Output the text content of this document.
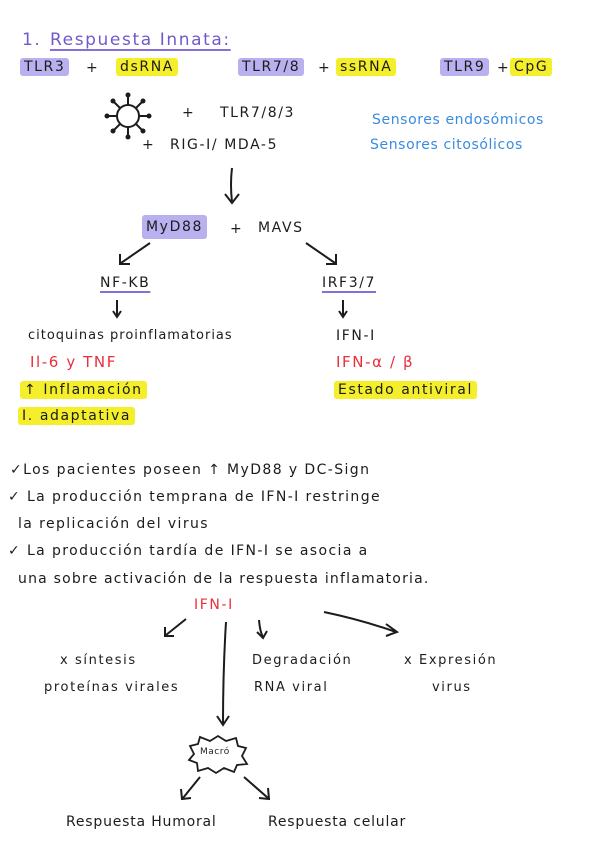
1. Respuesta Innata:
TLR3 + dsRNA	TLR7/8 + ssRNA	TLR9 + CpG
+ TLR7/8/3
+ RIG-I/ MDA-5
Sensores endosómicos
Sensores citosólicos
MyD88 + MAVS
NF-KB
citoquinas proinflamatorias
Il-6 y TNF
↑ Inflamación
I. adaptativa
IRF3/7
IFN-I
IFN-α / β
Estado antiviral
✓Los pacientes poseen ↑ MyD88 y DC-Sign
✓ La producción temprana de IFN-I restringe
la replicación del virus
✓ La producción tardía de IFN-I se asocia a
una sobre activación de la respuesta inflamatoria.
IFN-I
x síntesis
proteínas virales
Degradación
RNA viral
x Expresión
virus
Macró
Respuesta Humoral	Respuesta celular
